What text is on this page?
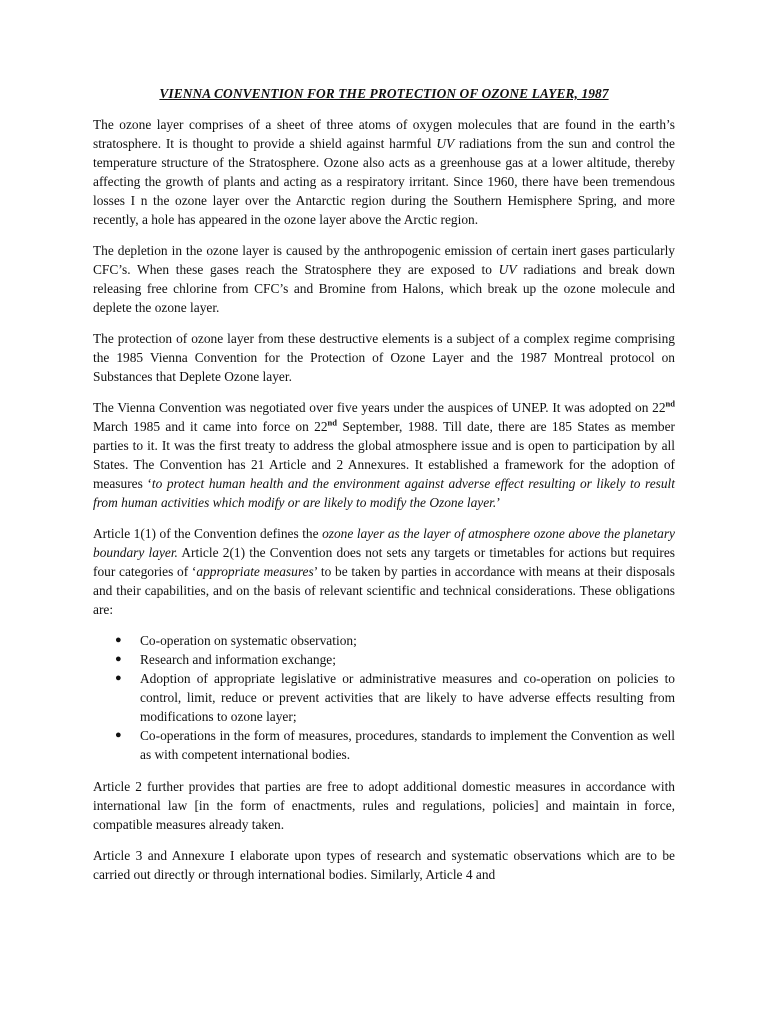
VIENNA CONVENTION FOR THE PROTECTION OF OZONE LAYER, 1987

The ozone layer comprises of a sheet of three atoms of oxygen molecules that are found in the earth’s stratosphere. It is thought to provide a shield against harmful UV radiations from the sun and control the temperature structure of the Stratosphere. Ozone also acts as a greenhouse gas at a lower altitude, thereby affecting the growth of plants and acting as a respiratory irritant. Since 1960, there have been tremendous losses I n the ozone layer over the Antarctic region during the Southern Hemisphere Spring, and more recently, a hole has appeared in the ozone layer above the Arctic region.

The depletion in the ozone layer is caused by the anthropogenic emission of certain inert gases particularly CFC’s. When these gases reach the Stratosphere they are exposed to UV radiations and break down releasing free chlorine from CFC’s and Bromine from Halons, which break up the ozone molecule and deplete the ozone layer.

The protection of ozone layer from these destructive elements is a subject of a complex regime comprising the 1985 Vienna Convention for the Protection of Ozone Layer and the 1987 Montreal protocol on Substances that Deplete Ozone layer.

The Vienna Convention was negotiated over five years under the auspices of UNEP. It was adopted on 22nd March 1985 and it came into force on 22nd September, 1988. Till date, there are 185 States as member parties to it. It was the first treaty to address the global atmosphere issue and is open to participation by all States. The Convention has 21 Article and 2 Annexures. It established a framework for the adoption of measures ‘to protect human health and the environment against adverse effect resulting or likely to result from human activities which modify or are likely to modify the Ozone layer.’

Article 1(1) of the Convention defines the ozone layer as the layer of atmosphere ozone above the planetary boundary layer. Article 2(1) the Convention does not sets any targets or timetables for actions but requires four categories of ‘appropriate measures’ to be taken by parties in accordance with means at their disposals and their capabilities, and on the basis of relevant scientific and technical considerations. These obligations are:

● Co-operation on systematic observation;
● Research and information exchange;
● Adoption of appropriate legislative or administrative measures and co-operation on policies to control, limit, reduce or prevent activities that are likely to have adverse effects resulting from modifications to ozone layer;
● Co-operations in the form of measures, procedures, standards to implement the Convention as well as with competent international bodies.

Article 2 further provides that parties are free to adopt additional domestic measures in accordance with international law [in the form of enactments, rules and regulations, policies] and maintain in force, compatible measures already taken.

Article 3 and Annexure I elaborate upon types of research and systematic observations which are to be carried out directly or through international bodies. Similarly, Article 4 and
